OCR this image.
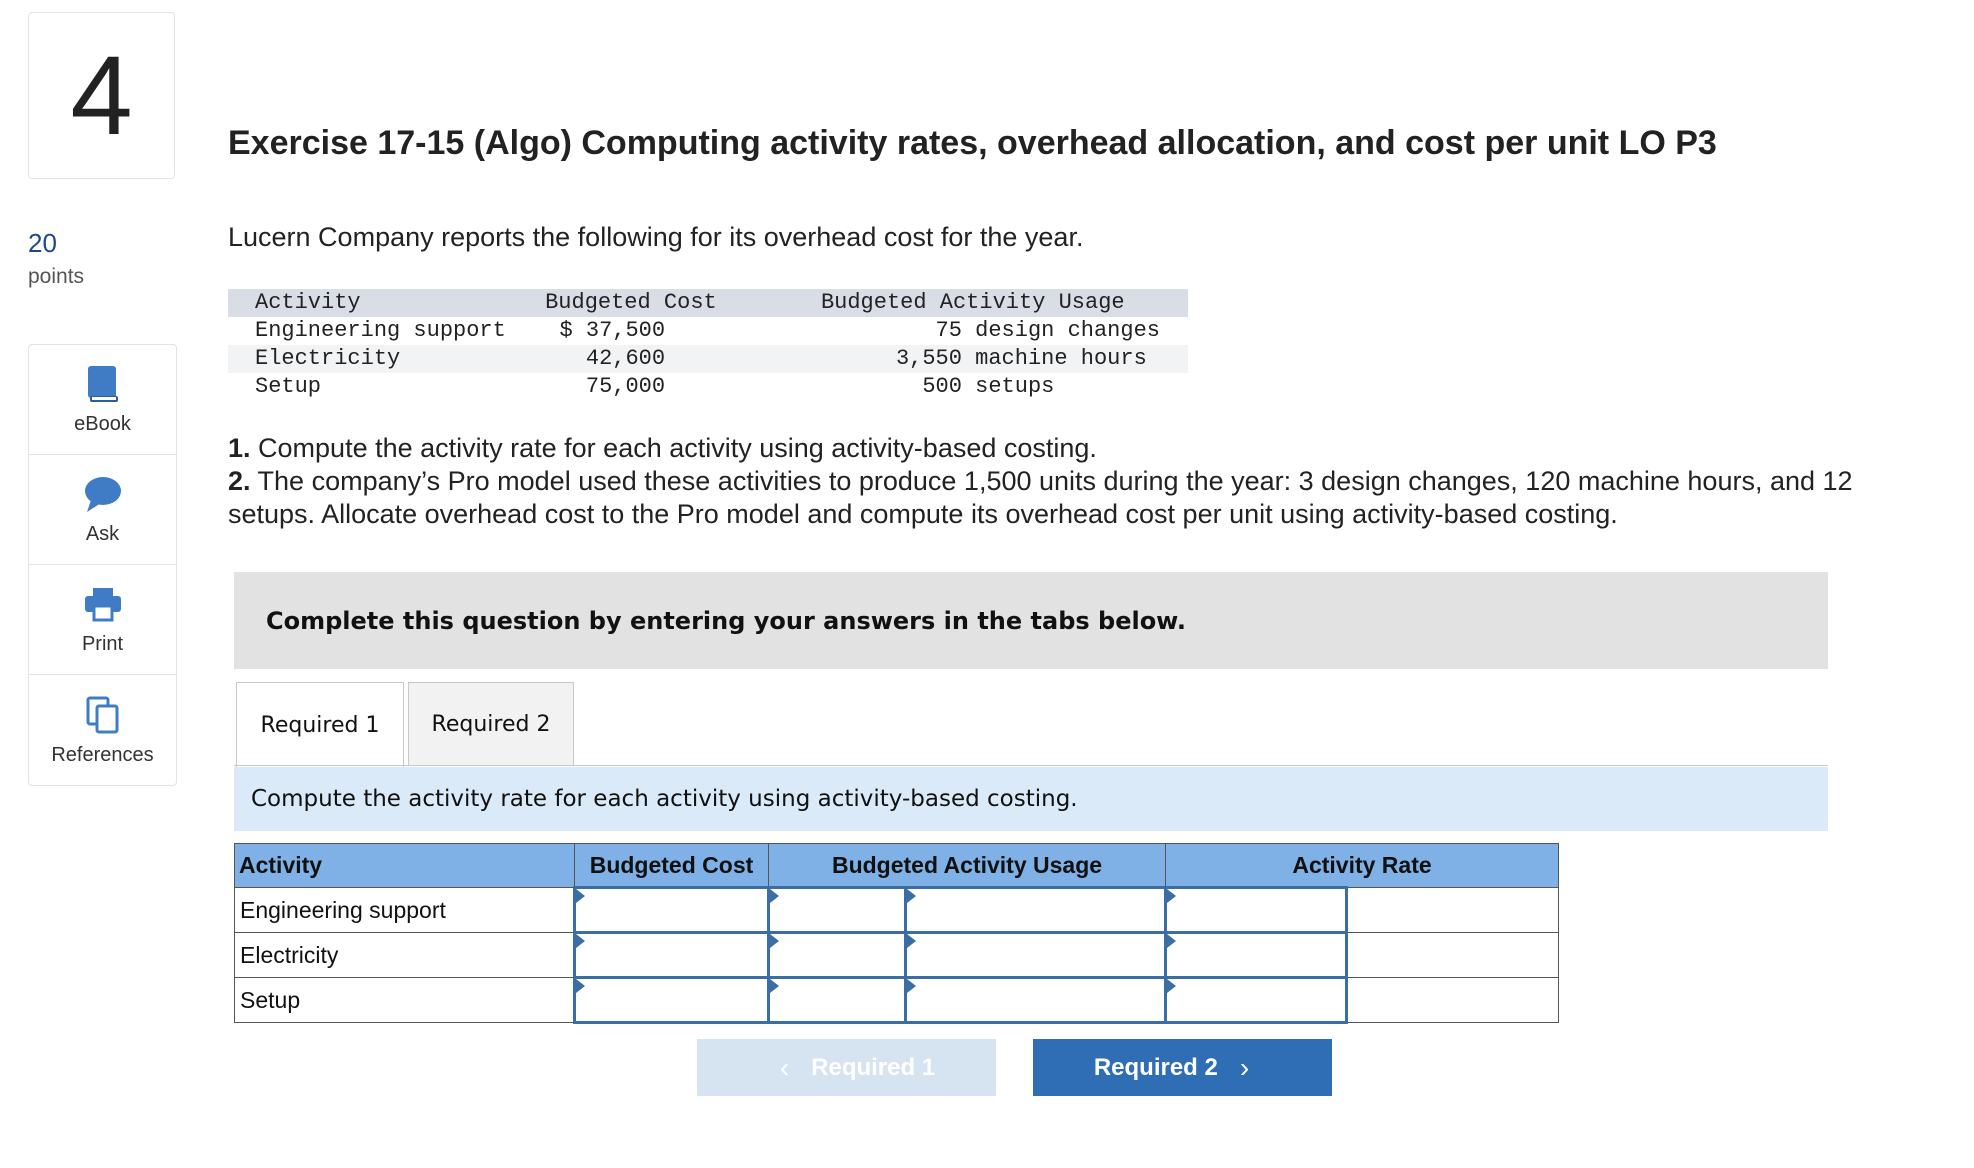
4
20
points
eBook
Ask
Print
References
Exercise 17-15 (Algo) Computing activity rates, overhead allocation, and cost per unit LO P3
Lucern Company reports the following for its overhead cost for the year.
Activity	Budgeted Cost	Budgeted Activity Usage
Engineering support	$ 37,500	75 design changes
Electricity	42,600	3,550 machine hours
Setup	75,000	500 setups

1. Compute the activity rate for each activity using activity-based costing.

2. The company’s Pro model used these activities to produce 1,500 units during the year: 3 design changes, 120 machine hours, and 12 setups. Allocate overhead cost to the Pro model and compute its overhead cost per unit using activity-based costing.

Complete this question by entering your answers in the tabs below.
Required 1	Required 2
Compute the activity rate for each activity using activity-based costing.
Activity	Budgeted Cost	Budgeted Activity Usage		Activity Rate	
Engineering support					
Electricity					
Setup					
‹ Required 1	Required 2 ›
